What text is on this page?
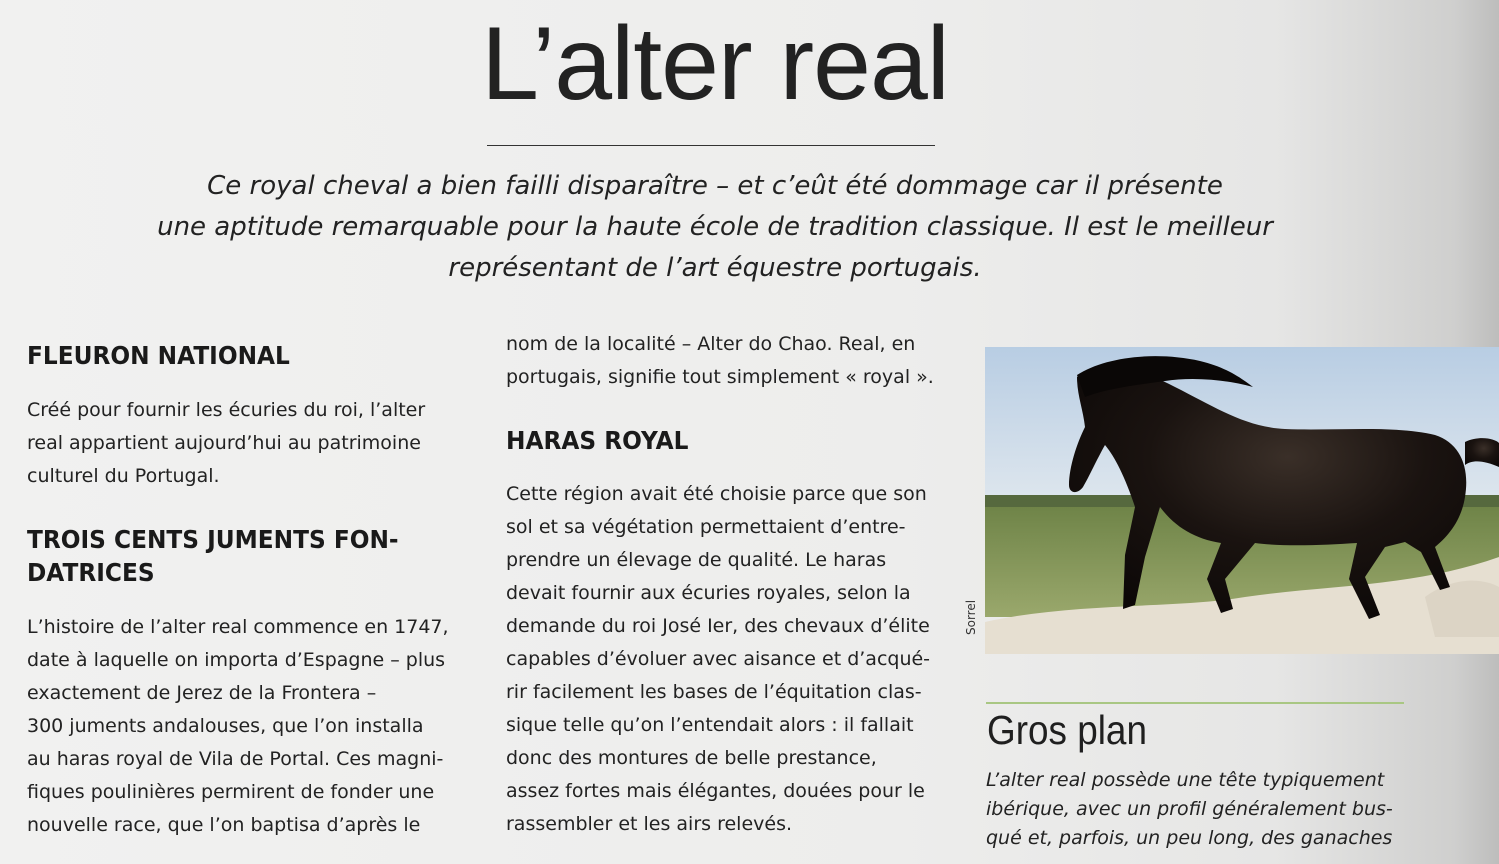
L’alter real

Ce royal cheval a bien failli disparaître – et c’eût été dommage car il présente
une aptitude remarquable pour la haute école de tradition classique. Il est le meilleur
représentant de l’art équestre portugais.

FLEURON NATIONAL

Créé pour fournir les écuries du roi, l’alter
real appartient aujourd’hui au patrimoine
culturel du Portugal.

TROIS CENTS JUMENTS FON-
DATRICES

L’histoire de l’alter real commence en 1747,
date à laquelle on importa d’Espagne – plus
exactement de Jerez de la Frontera –
300 juments andalouses, que l’on installa
au haras royal de Vila de Portal. Ces magni-
fiques poulinières permirent de fonder une
nouvelle race, que l’on baptisa d’après le

nom de la localité – Alter do Chao. Real, en
portugais, signifie tout simplement « royal ».

HARAS ROYAL

Cette région avait été choisie parce que son
sol et sa végétation permettaient d’entre-
prendre un élevage de qualité. Le haras
devait fournir aux écuries royales, selon la
demande du roi José Ier, des chevaux d’élite
capables d’évoluer avec aisance et d’acqué-
rir facilement les bases de l’équitation clas-
sique telle qu’on l’entendait alors : il fallait
donc des montures de belle prestance,
assez fortes mais élégantes, douées pour le
rassembler et les airs relevés.

Sorrel
Gros plan

L’alter real possède une tête typiquement
ibérique, avec un profil généralement bus-
qué et, parfois, un peu long, des ganaches
